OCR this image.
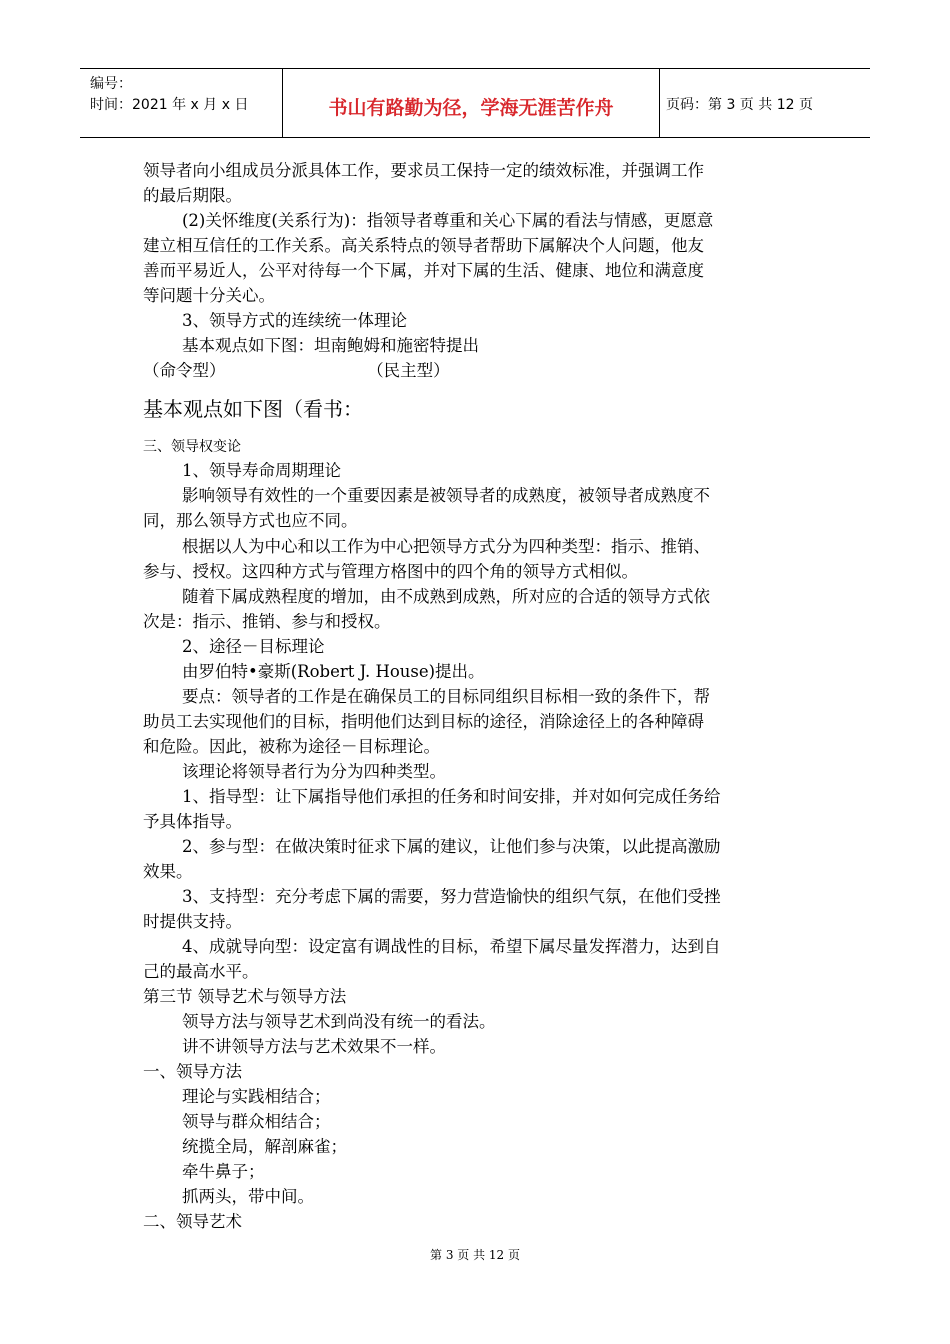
编号：
时间：2021 年 x 月 x 日	书山有路勤为径，学海无涯苦作舟	页码：第 3 页 共 12 页
领导者向小组成员分派具体工作，要求员工保持一定的绩效标准，并强调工作
的最后期限。
(2)关怀维度(关系行为)：指领导者尊重和关心下属的看法与情感，更愿意
建立相互信任的工作关系。高关系特点的领导者帮助下属解决个人问题，他友
善而平易近人，公平对待每一个下属，并对下属的生活、健康、地位和满意度
等问题十分关心。
3、领导方式的连续统一体理论
基本观点如下图：坦南鲍姆和施密特提出
（命令型）                           （民主型）
基本观点如下图（看书：
三、领导权变论
1、领导寿命周期理论
影响领导有效性的一个重要因素是被领导者的成熟度，被领导者成熟度不
同，那么领导方式也应不同。
根据以人为中心和以工作为中心把领导方式分为四种类型：指示、推销、
参与、授权。这四种方式与管理方格图中的四个角的领导方式相似。
随着下属成熟程度的增加，由不成熟到成熟，所对应的合适的领导方式依
次是：指示、推销、参与和授权。
2、途径－目标理论
由罗伯特•豪斯(Robert J. House)提出。
要点：领导者的工作是在确保员工的目标同组织目标相一致的条件下，帮
助员工去实现他们的目标，指明他们达到目标的途径，消除途径上的各种障碍
和危险。因此，被称为途径－目标理论。
该理论将领导者行为分为四种类型。
1、指导型：让下属指导他们承担的任务和时间安排，并对如何完成任务给
予具体指导。
2、参与型：在做决策时征求下属的建议，让他们参与决策，以此提高激励
效果。
3、支持型：充分考虑下属的需要，努力营造愉快的组织气氛，在他们受挫
时提供支持。
4、成就导向型：设定富有调战性的目标，希望下属尽量发挥潜力，达到自
己的最高水平。
第三节 领导艺术与领导方法
领导方法与领导艺术到尚没有统一的看法。
讲不讲领导方法与艺术效果不一样。
一、领导方法
理论与实践相结合；
领导与群众相结合；
统揽全局，解剖麻雀；
牵牛鼻子；
抓两头，带中间。
二、领导艺术
第 3 页 共 12 页
